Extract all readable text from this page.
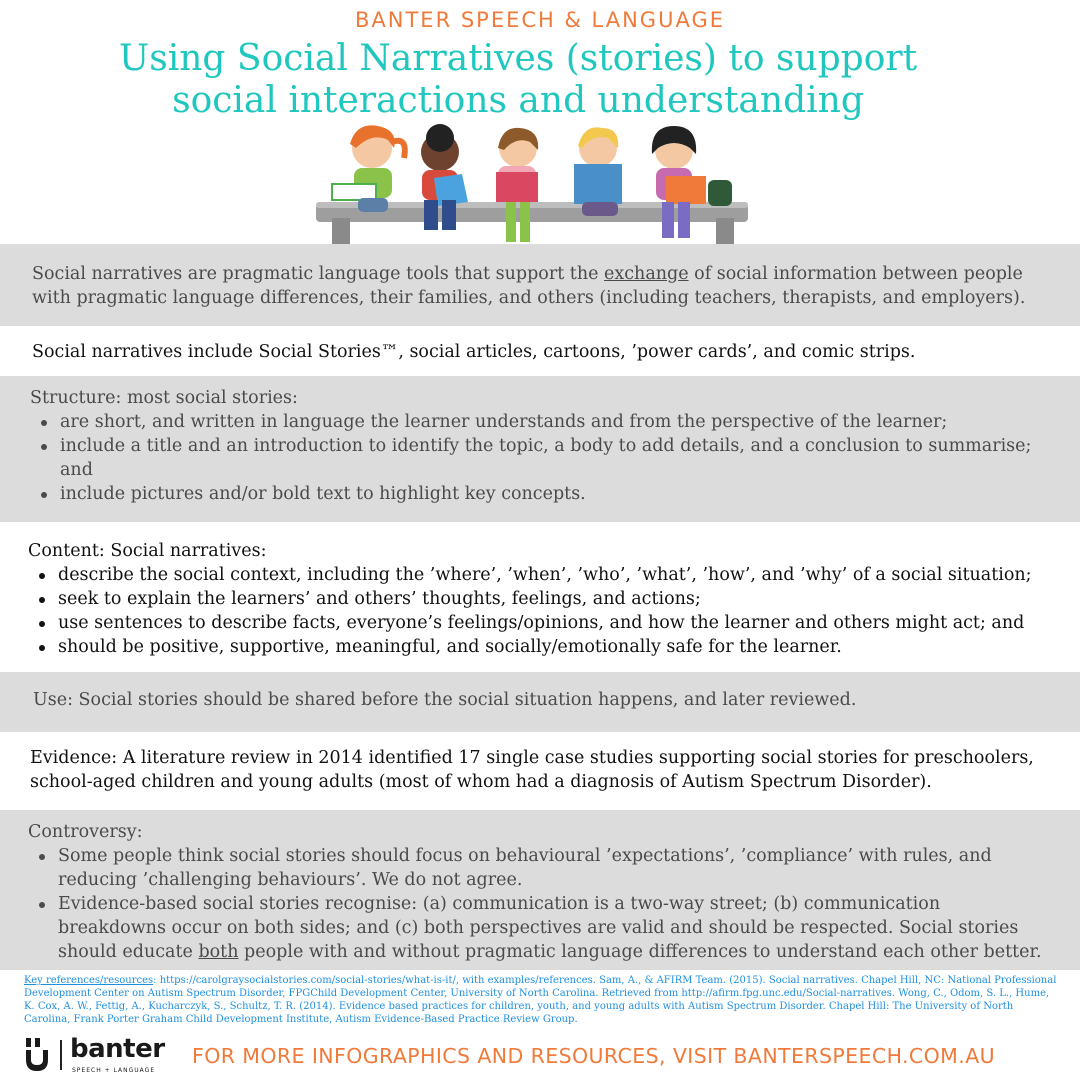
BANTER SPEECH & LANGUAGE
Using Social Narratives (stories) to support
social interactions and understanding

Social narratives are pragmatic language tools that support the exchange of social information between people with pragmatic language differences, their families, and others (including teachers, therapists, and employers).

Social narratives include Social Stories™, social articles, cartoons, ’power cards’, and comic strips.

Structure: most social stories:

are short, and written in language the learner understands and from the perspective of the learner;
include a title and an introduction to identify the topic, a body to add details, and a conclusion to summarise; and
include pictures and/or bold text to highlight key concepts.

Content: Social narratives:

describe the social context, including the ’where’, ’when’, ’who’, ’what’, ’how’, and ’why’ of a social situation;
seek to explain the learners’ and others’ thoughts, feelings, and actions;
use sentences to describe facts, everyone’s feelings/opinions, and how the learner and others might act; and
should be positive, supportive, meaningful, and socially/emotionally safe for the learner.

Use: Social stories should be shared before the social situation happens, and later reviewed.

Evidence: A literature review in 2014 identified 17 single case studies supporting social stories for preschoolers, school-aged children and young adults (most of whom had a diagnosis of Autism Spectrum Disorder).

Controversy:

Some people think social stories should focus on behavioural ’expectations’, ’compliance’ with rules, and reducing ’challenging behaviours’. We do not agree.
Evidence-based social stories recognise: (a) communication is a two-way street; (b) communication breakdowns occur on both sides; and (c) both perspectives are valid and should be respected. Social stories should educate both people with and without pragmatic language differences to understand each other better.
Key references/resources: https://carolgraysocialstories.com/social-stories/what-is-it/, with examples/references. Sam, A., & AFIRM Team. (2015). Social narratives. Chapel Hill, NC: National Professional Development Center on Autism Spectrum Disorder, FPGChild Development Center, University of North Carolina. Retrieved from http://afirm.fpg.unc.edu/Social-narratives. Wong, C., Odom, S. L., Hume, K. Cox, A. W., Fettig, A., Kucharczyk, S., Schultz, T. R. (2014). Evidence based practices for children, youth, and young adults with Autism Spectrum Disorder. Chapel Hill: The University of North Carolina, Frank Porter Graham Child Development Institute, Autism Evidence-Based Practice Review Group.
banter
SPEECH + LANGUAGE
FOR MORE INFOGRAPHICS AND RESOURCES, VISIT BANTERSPEECH.COM.AU
